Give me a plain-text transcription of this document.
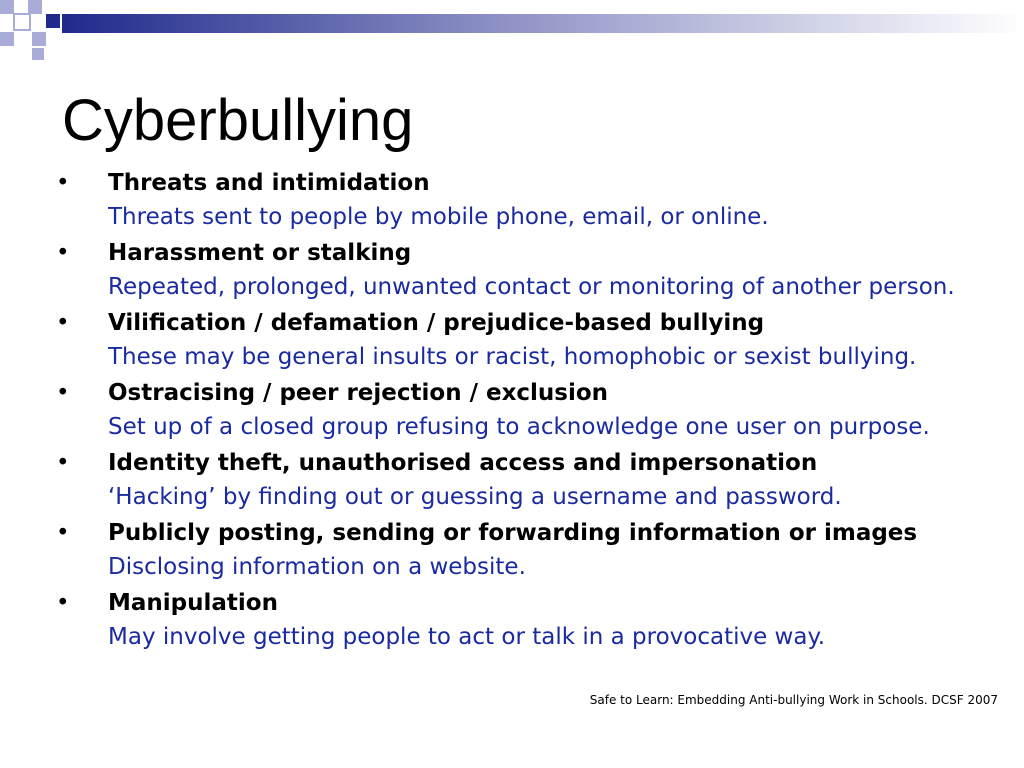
Cyberbullying
• Threats and intimidation
Threats sent to people by mobile phone, email, or online.
• Harassment or stalking
Repeated, prolonged, unwanted contact or monitoring of another person.
• Vilification / defamation / prejudice-based bullying
These may be general insults or racist, homophobic or sexist bullying.
• Ostracising / peer rejection / exclusion
Set up of a closed group refusing to acknowledge one user on purpose.
• Identity theft, unauthorised access and impersonation
‘Hacking’ by finding out or guessing a username and password.
• Publicly posting, sending or forwarding information or images
Disclosing information on a website.
• Manipulation
May involve getting people to act or talk in a provocative way.
Safe to Learn: Embedding Anti-bullying Work in Schools. DCSF 2007
